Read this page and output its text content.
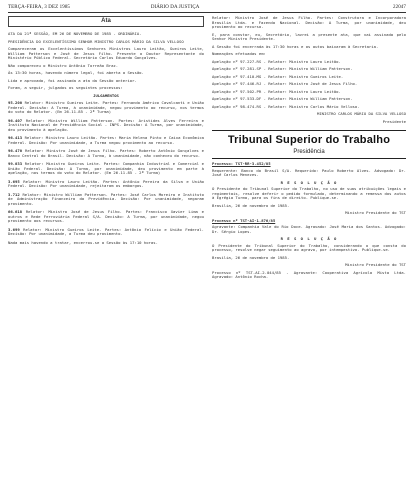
TERÇA-FEIRA, 3 DEZ 1985	DIÁRIO DA JUSTIÇA	22047
Ata
ATA DA 21ª SESSÃO, EM 26 DE NOVEMBRO DE 1985 - ORDINÁRIA.
PRESIDÊNCIA DO EXCELENTÍSSIMO SENHOR MINISTRO CARLOS MÁRIO DA SILVA VELLOSO
Compareceram os Excelentíssimos Senhores Ministros Lauro Leitão, Gueiros Leite, William Patterson e José de Jesus Filho. Presente o Doutor Representante do Ministério Público Federal. Secretário Carlos Eduardo Gonçalves.
Não compareceu o Ministro Antônio Torreão Braz.
Às 13:30 horas, havendo número legal, foi aberta a Sessão.
Lida e aprovada, foi assinada a ata da Sessão anterior.
Foram, a seguir, julgados os seguintes processos:
JULGAMENTOS
95.200 Relator: Ministro Gueiros Leite. Partes: Fernando Américo Cavalcanti e União Federal. Decisão: A Turma, à unanimidade, negou provimento ao recurso, nos termos do voto do Relator. (Em 26.11.85 - 2ª Turma)
96.407 Relator: Ministro William Patterson. Partes: Aristides Alves Ferreira e Instituto Nacional de Previdência Social - INPS. Decisão: A Turma, por unanimidade, deu provimento à apelação.
96.413 Relator: Ministro Lauro Leitão. Partes: Maria Helena Pinto e Caixa Econômica Federal. Decisão: Por unanimidade, a Turma negou provimento ao recurso.
96.470 Relator: Ministro José de Jesus Filho. Partes: Roberto Antônio Gonçalves e Banco Central do Brasil. Decisão: A Turma, à unanimidade, não conheceu do recurso.
99.033 Relator: Ministro Gueiros Leite. Partes: Companhia Industrial e Comercial e União Federal. Decisão: A Turma, por unanimidade, deu provimento em parte à apelação, nos termos do voto do Relator. (Em 26.11.85 - 2ª Turma)
3.695 Relator: Ministro Lauro Leitão. Partes: Antônio Pereira da Silva e União Federal. Decisão: Por unanimidade, rejeitaram os embargos.
3.712 Relator: Ministro William Patterson. Partes: José Carlos Moreira e Instituto de Administração Financeira da Previdência. Decisão: Por unanimidade, negaram provimento.
66.618 Relator: Ministro José de Jesus Filho. Partes: Francisco Xavier Lima e outros e Rede Ferroviária Federal S/A. Decisão: A Turma, por unanimidade, negou provimento aos recursos.
3.699 Relator: Ministro Gueiros Leite. Partes: Antônio Felício e União Federal. Decisão: Por unanimidade, a Turma deu provimento.
Nada mais havendo a tratar, encerrou-se a Sessão às 17:10 horas.
Relator: Ministro José de Jesus Filho. Partes: Construtora e Incorporadora Brasília Ltda. e Fazenda Nacional. Decisão: A Turma, por unanimidade, deu provimento ao recurso.
E, para constar, eu, Secretário, lavrei a presente ata, que vai assinada pelo Senhor Ministro Presidente.
A Sessão foi encerrada às 17:30 horas e os autos baixaram à Secretaria.
Nomeações efetuadas em:
Apelação nº 97.227-RS - Relator: Ministro Lauro Leitão.
Apelação nº 97.281-SP - Relator: Ministro William Patterson.
Apelação nº 97.410-MG - Relator: Ministro Gueiros Leite.
Apelação nº 97.446-RJ - Relator: Ministro José de Jesus Filho.
Apelação nº 97.502-PR - Relator: Ministro Lauro Leitão.
Apelação nº 97.533-DF - Relator: Ministro William Patterson.
Apelação nº 98.474-RS - Relator: Ministro Carlos Mário Velloso.
MINISTRO CARLOS MÁRIO DA SILVA VELLOSO
Presidente
Tribunal Superior do Trabalho
Presidência
Processo: TST-RR-3.452/85
Requerente: Banco do Brasil S/A. Requerido: Paulo Roberto Alves. Advogado: Dr. José Carlos Menezes.
R E S O L U Ç Ã O
O Presidente do Tribunal Superior do Trabalho, no uso de suas atribuições legais e regimentais, resolve deferir o pedido formulado, determinando a remessa dos autos à Egrégia Turma, para os fins de direito. Publique-se.
Brasília, 26 de novembro de 1985.
Ministro Presidente do TST
Processo nº TST-AI-1.876/85
Agravante: Companhia Vale do Rio Doce. Agravado: José Maria dos Santos. Advogado: Dr. Sérgio Lopes.
R E S O L U Ç Ã O
O Presidente do Tribunal Superior do Trabalho, considerando o que consta do processo, resolve negar seguimento ao agravo, por intempestivo. Publique-se.
Brasília, 26 de novembro de 1985.
Ministro Presidente do TST
Processo nº TST-AI-2.044/85 - Agravante: Cooperativa Agrícola Mista Ltda. Agravado: Antônio Rocha.
